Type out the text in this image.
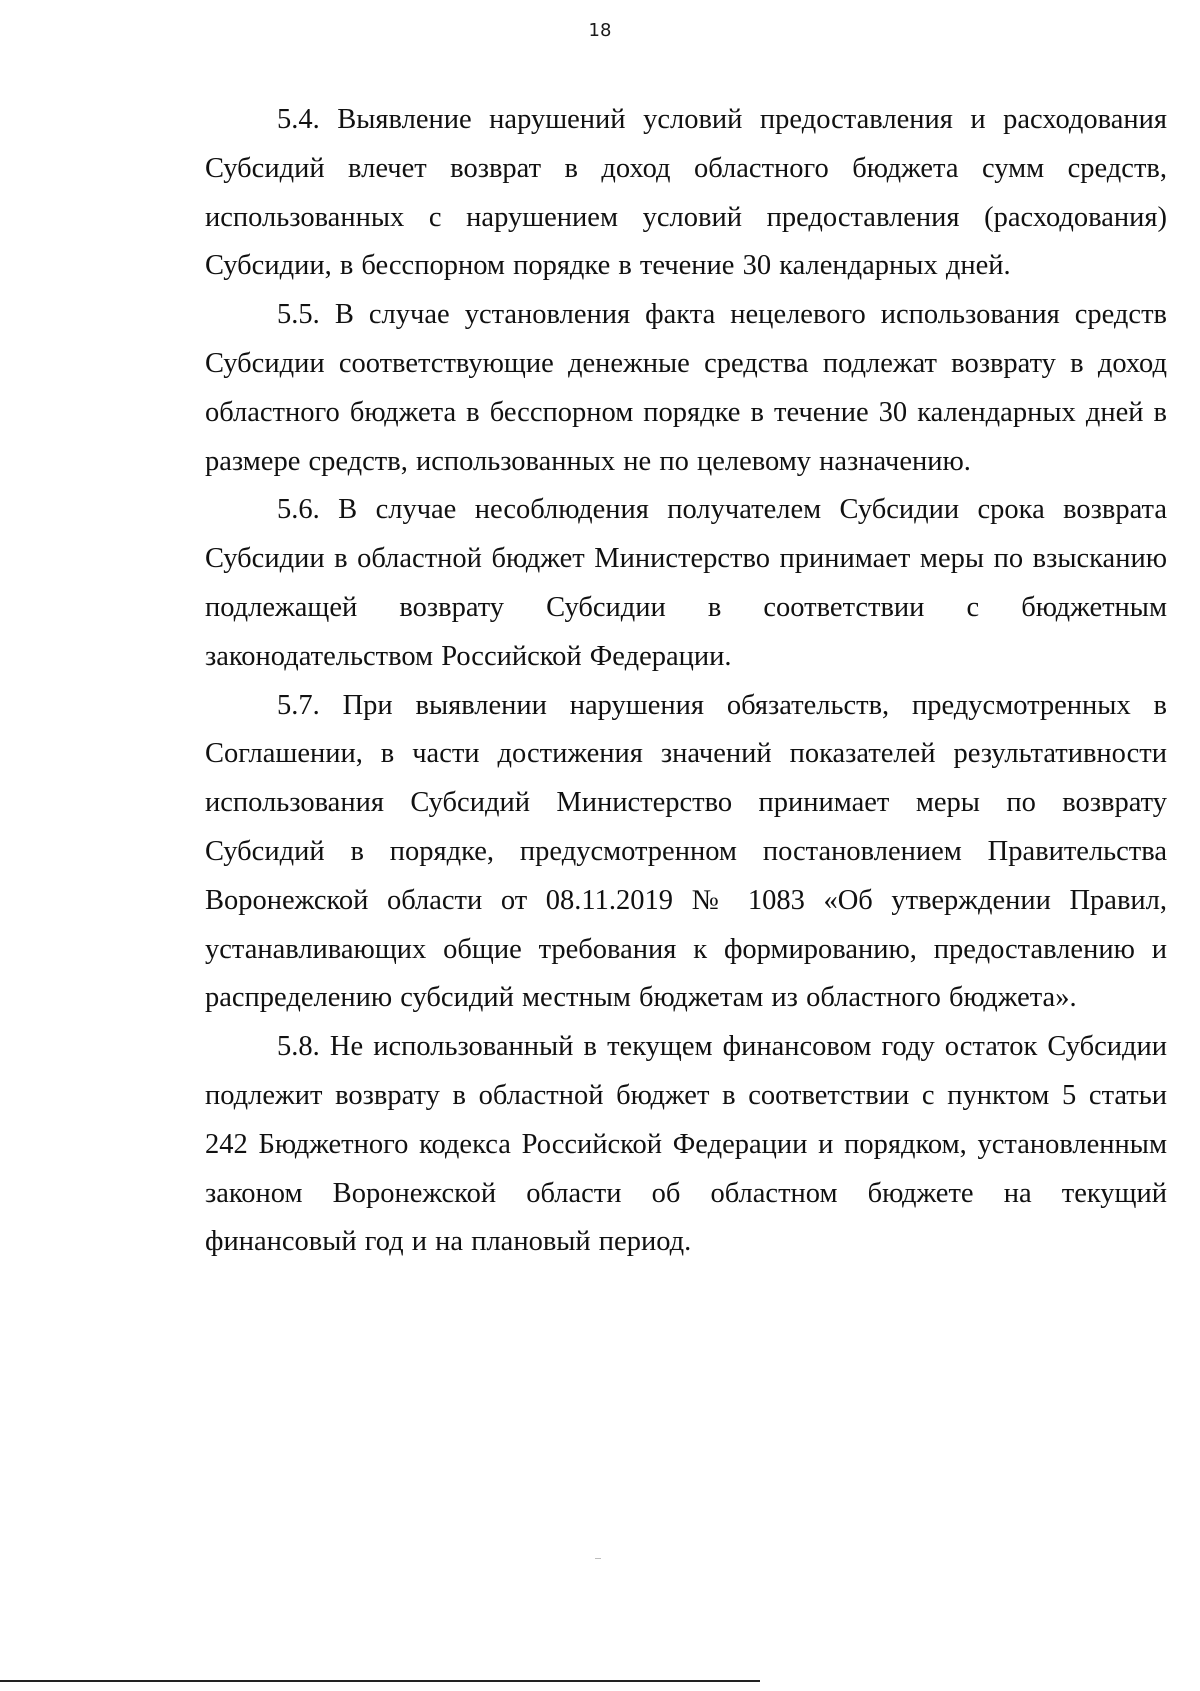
18

5.4. Выявление нарушений условий предоставления и расходования Субсидий влечет возврат в доход областного бюджета сумм средств, использованных с нарушением условий предоставления (расходования) Субсидии, в бесспорном порядке в течение 30 календарных дней.

5.5. В случае установления факта нецелевого использования средств Субсидии соответствующие денежные средства подлежат возврату в доход областного бюджета в бесспорном порядке в течение 30 календарных дней в размере средств, использованных не по целевому назначению.

5.6. В случае несоблюдения получателем Субсидии срока возврата Субсидии в областной бюджет Министерство принимает меры по взысканию подлежащей возврату Субсидии в соответствии с бюджетным законодательством Российской Федерации.

5.7. При выявлении нарушения обязательств, предусмотренных в Соглашении, в части достижения значений показателей результативности использования Субсидий Министерство принимает меры по возврату Субсидий в порядке, предусмотренном постановлением Правительства Воронежской области от 08.11.2019 № 1083 «Об утверждении Правил, устанавливающих общие требования к формированию, предоставлению и распределению субсидий местным бюджетам из областного бюджета».

5.8. Не использованный в текущем финансовом году остаток Субсидии подлежит возврату в областной бюджет в соответствии с пунктом 5 статьи 242 Бюджетного кодекса Российской Федерации и порядком, установленным законом Воронежской области об областном бюджете на текущий финансовый год и на плановый период.
